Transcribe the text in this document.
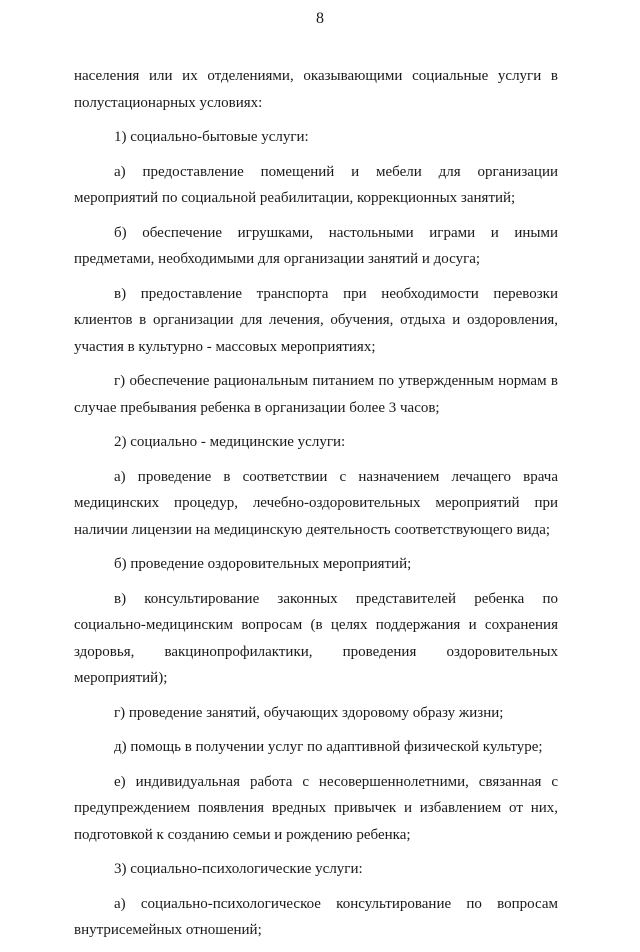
8

населения или их отделениями, оказывающими социальные услуги в полустационарных условиях:

1) социально-бытовые услуги:

а) предоставление помещений и мебели для организации мероприятий по социальной реабилитации, коррекционных занятий;

б) обеспечение игрушками, настольными играми и иными предметами, необходимыми для организации занятий и досуга;

в) предоставление транспорта при необходимости перевозки клиентов в организации для лечения, обучения, отдыха и оздоровления, участия в культурно - массовых мероприятиях;

г) обеспечение рациональным питанием по утвержденным нормам в случае пребывания ребенка в организации более 3 часов;

2) социально - медицинские услуги:

а) проведение в соответствии с назначением лечащего врача медицинских процедур, лечебно-оздоровительных мероприятий при наличии лицензии на медицинскую деятельность соответствующего вида;

б) проведение оздоровительных мероприятий;

в) консультирование законных представителей ребенка по социально-медицинским вопросам (в целях поддержания и сохранения здоровья, вакцинопрофилактики, проведения оздоровительных мероприятий);

г) проведение занятий, обучающих здоровому образу жизни;

д) помощь в получении услуг по адаптивной физической культуре;

е) индивидуальная работа с несовершеннолетними, связанная с предупреждением появления вредных привычек и избавлением от них, подготовкой к созданию семьи и рождению ребенка;

3) социально-психологические услуги:

а) социально-психологическое консультирование по вопросам внутрисемейных отношений;
